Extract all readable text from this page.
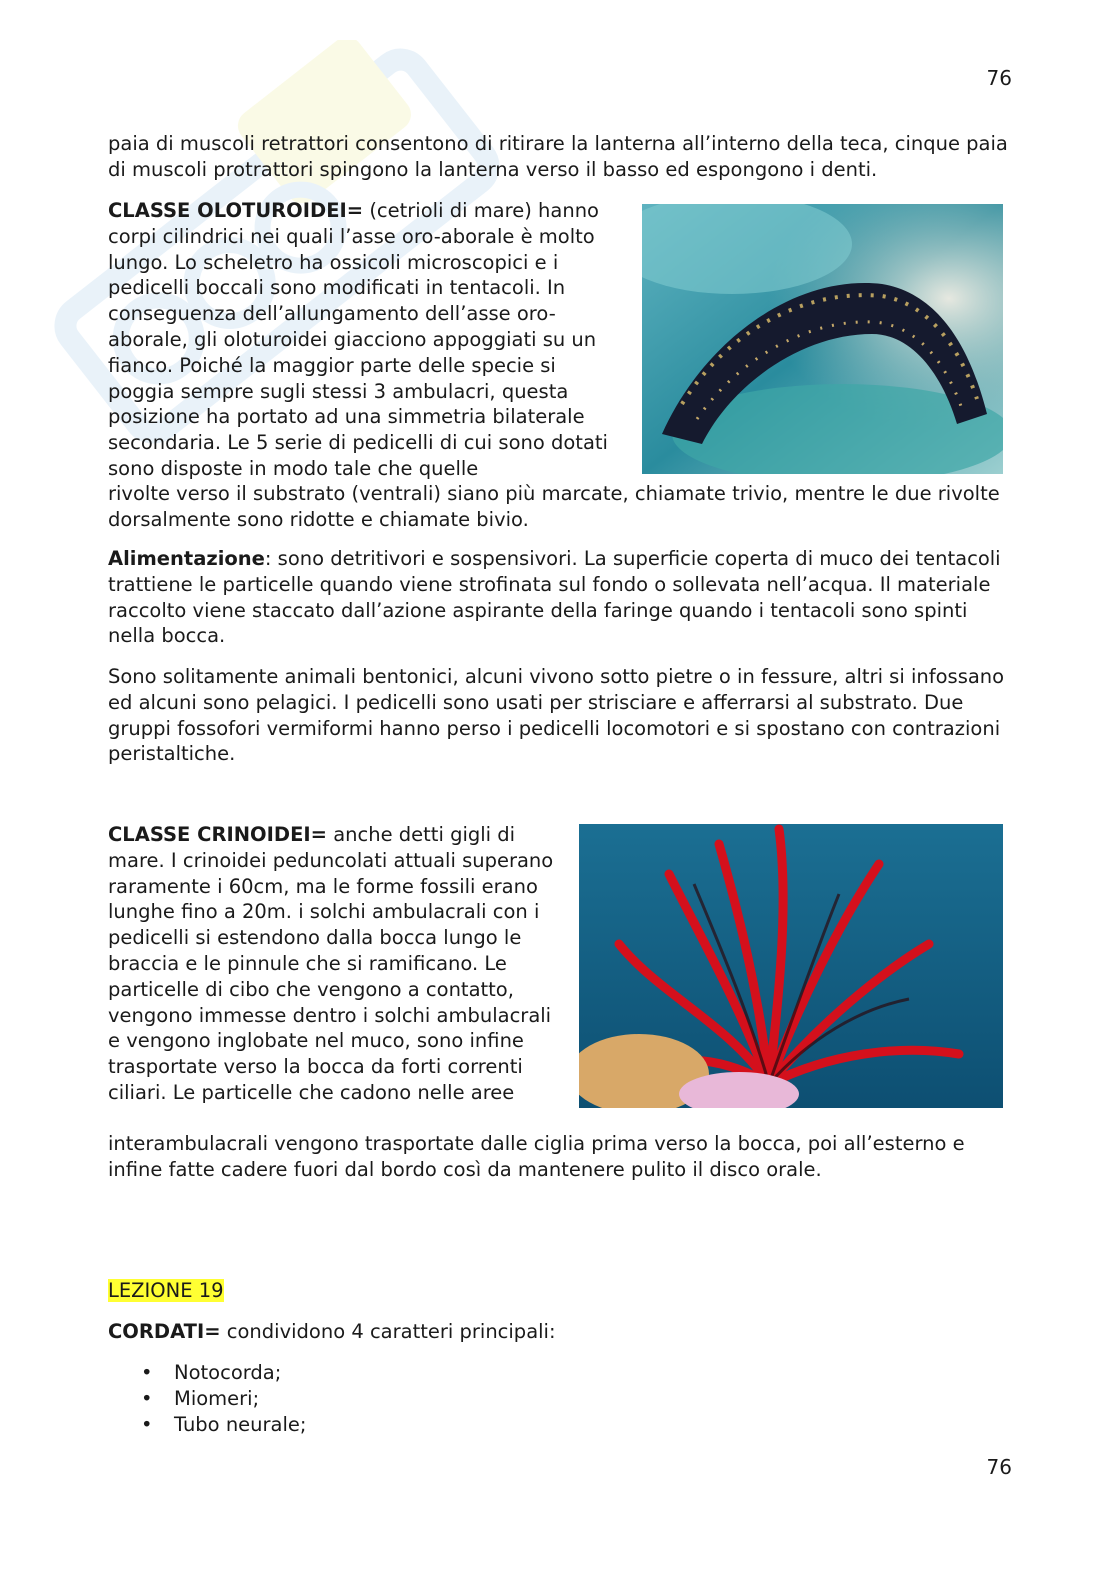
76

paia di muscoli retrattori consentono di ritirare la lanterna all’interno della teca, cinque paia di muscoli protrattori spingono la lanterna verso il basso ed espongono i denti.

CLASSE OLOTUROIDEI= (cetrioli di mare) hanno corpi cilindrici nei quali l’asse oro-aborale è molto lungo. Lo scheletro ha ossicoli microscopici e i pedicelli boccali sono modificati in tentacoli. In conseguenza dell’allungamento dell’asse oro-aborale, gli oloturoidei giacciono appoggiati su un fianco. Poiché la maggior parte delle specie si poggia sempre sugli stessi 3 ambulacri, questa posizione ha portato ad una simmetria bilaterale secondaria. Le 5 serie di pedicelli di cui sono dotati sono disposte in modo tale che quelle

rivolte verso il substrato (ventrali) siano più marcate, chiamate trivio, mentre le due rivolte dorsalmente sono ridotte e chiamate bivio.

Alimentazione: sono detritivori e sospensivori. La superficie coperta di muco dei tentacoli trattiene le particelle quando viene strofinata sul fondo o sollevata nell’acqua. Il materiale raccolto viene staccato dall’azione aspirante della faringe quando i tentacoli sono spinti nella bocca.

Sono solitamente animali bentonici, alcuni vivono sotto pietre o in fessure, altri si infossano ed alcuni sono pelagici. I pedicelli sono usati per strisciare e afferrarsi al substrato. Due gruppi fossofori vermiformi hanno perso i pedicelli locomotori e si spostano con contrazioni peristaltiche.

CLASSE CRINOIDEI= anche detti gigli di mare. I crinoidei peduncolati attuali superano raramente i 60cm, ma le forme fossili erano lunghe fino a 20m. i solchi ambulacrali con i pedicelli si estendono dalla bocca lungo le braccia e le pinnule che si ramificano. Le particelle di cibo che vengono a contatto, vengono immesse dentro i solchi ambulacrali e vengono inglobate nel muco, sono infine trasportate verso la bocca da forti correnti ciliari. Le particelle che cadono nelle aree

interambulacrali vengono trasportate dalle ciglia prima verso la bocca, poi all’esterno e infine fatte cadere fuori dal bordo così da mantenere pulito il disco orale.

LEZIONE 19

CORDATI= condividono 4 caratteri principali:

• Notocorda;
• Miomeri;
• Tubo neurale;
76
